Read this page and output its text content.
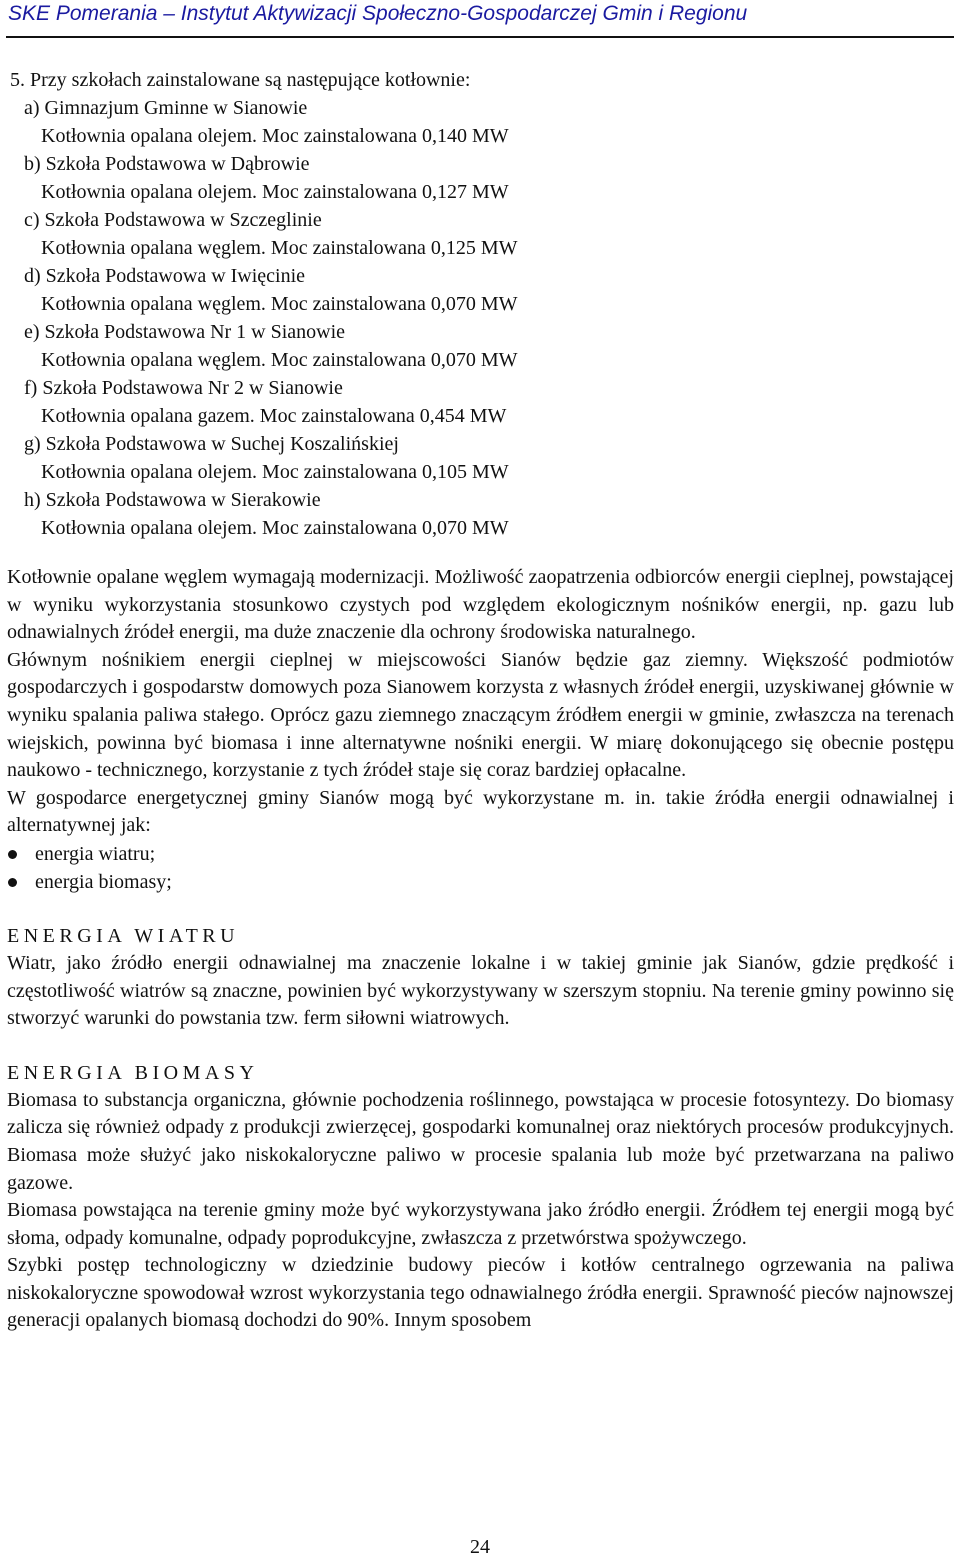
SKE Pomerania – Instytut Aktywizacji Społeczno-Gospodarczej Gmin i Regionu
5. Przy szkołach zainstalowane są następujące kotłownie:
a) Gimnazjum Gminne w Sianowie
Kotłownia opalana olejem. Moc zainstalowana 0,140 MW
b) Szkoła Podstawowa w Dąbrowie
Kotłownia opalana olejem. Moc zainstalowana 0,127 MW
c) Szkoła Podstawowa w Szczeglinie
Kotłownia opalana węglem. Moc zainstalowana 0,125 MW
d) Szkoła Podstawowa w Iwięcinie
Kotłownia opalana węglem. Moc zainstalowana 0,070 MW
e) Szkoła Podstawowa Nr 1 w Sianowie
Kotłownia opalana węglem. Moc zainstalowana 0,070 MW
f) Szkoła Podstawowa Nr 2 w Sianowie
Kotłownia opalana gazem. Moc zainstalowana 0,454 MW
g) Szkoła Podstawowa w Suchej Koszalińskiej
Kotłownia opalana olejem. Moc zainstalowana 0,105 MW
h) Szkoła Podstawowa w Sierakowie
Kotłownia opalana olejem. Moc zainstalowana 0,070 MW

Kotłownie opalane węglem wymagają modernizacji. Możliwość zaopatrzenia odbiorców energii cieplnej, powstającej w wyniku wykorzystania stosunkowo czystych pod względem ekologicznym nośników energii, np. gazu lub odnawialnych źródeł energii, ma duże znaczenie dla ochrony środowiska naturalnego.

Głównym nośnikiem energii cieplnej w miejscowości Sianów będzie gaz ziemny. Większość podmiotów gospodarczych i gospodarstw domowych poza Sianowem korzysta z własnych źródeł energii, uzyskiwanej głównie w wyniku spalania paliwa stałego. Oprócz gazu ziemnego znaczącym źródłem energii w gminie, zwłaszcza na terenach wiejskich, powinna być biomasa i inne alternatywne nośniki energii. W miarę dokonującego się obecnie postępu naukowo - technicznego, korzystanie z tych źródeł staje się coraz bardziej opłacalne.

W gospodarce energetycznej gminy Sianów mogą być wykorzystane m. in. takie źródła energii odnawialnej i alternatywnej jak:

energia wiatru;
energia biomasy;
ENERGIA WIATRU

Wiatr, jako źródło energii odnawialnej ma znaczenie lokalne i w takiej gminie jak Sianów, gdzie prędkość i częstotliwość wiatrów są znaczne, powinien być wykorzystywany w szerszym stopniu. Na terenie gminy powinno się stworzyć warunki do powstania tzw. ferm siłowni wiatrowych.

ENERGIA BIOMASY

Biomasa to substancja organiczna, głównie pochodzenia roślinnego, powstająca w procesie fotosyntezy. Do biomasy zalicza się również odpady z produkcji zwierzęcej, gospodarki komunalnej oraz niektórych procesów produkcyjnych. Biomasa może służyć jako niskokaloryczne paliwo w procesie spalania lub może być przetwarzana na paliwo gazowe.

Biomasa powstająca na terenie gminy może być wykorzystywana jako źródło energii. Źródłem tej energii mogą być słoma, odpady komunalne, odpady poprodukcyjne, zwłaszcza z przetwórstwa spożywczego.

Szybki postęp technologiczny w dziedzinie budowy pieców i kotłów centralnego ogrzewania na paliwa niskokaloryczne spowodował wzrost wykorzystania tego odnawialnego źródła energii. Sprawność pieców najnowszej generacji opalanych biomasą dochodzi do 90%. Innym sposobem

24
